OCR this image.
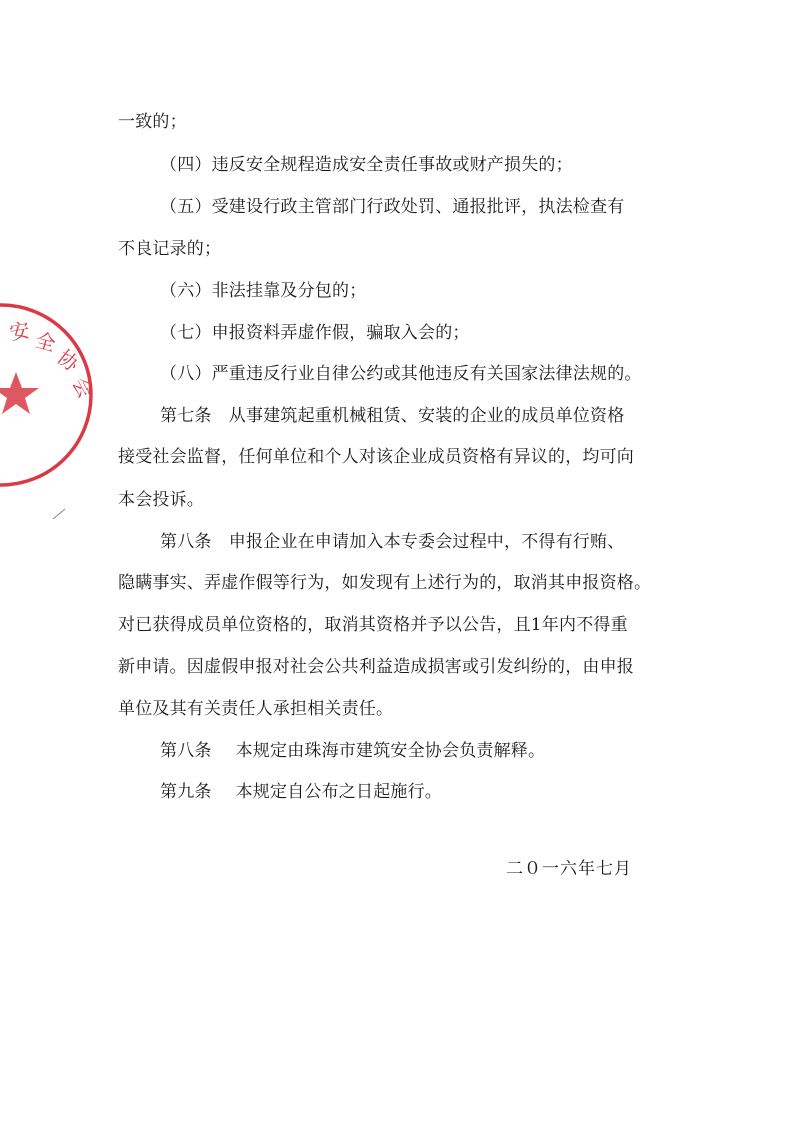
安 全
协
会
一致的；
（四）违反安全规程造成安全责任事故或财产损失的；
（五）受建设行政主管部门行政处罚、通报批评，执法检查有
不良记录的；
（六）非法挂靠及分包的；
（七）申报资料弄虚作假，骗取入会的；
（八）严重违反行业自律公约或其他违反有关国家法律法规的。
第七条　从事建筑起重机械租赁、安装的企业的成员单位资格
接受社会监督，任何单位和个人对该企业成员资格有异议的，均可向
本会投诉。
第八条　申报企业在申请加入本专委会过程中，不得有行贿、
隐瞒事实、弄虚作假等行为，如发现有上述行为的，取消其申报资格。
对已获得成员单位资格的，取消其资格并予以公告，且1年内不得重
新申请。因虚假申报对社会公共利益造成损害或引发纠纷的，由申报
单位及其有关责任人承担相关责任。
第八条 本规定由珠海市建筑安全协会负责解释。
第九条 本规定自公布之日起施行。
二０一六年七月
